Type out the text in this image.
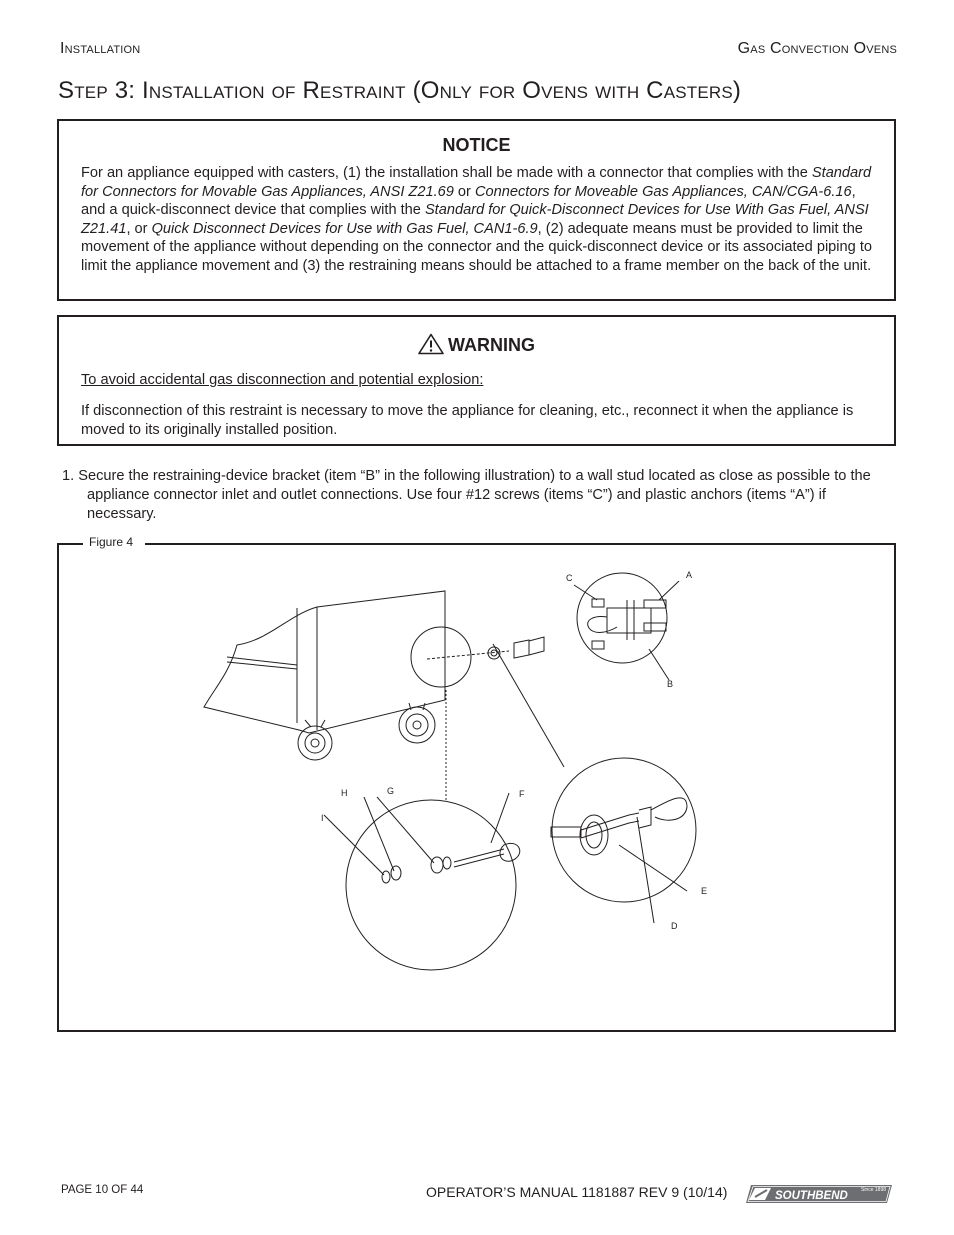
Installation	Gas Convection Ovens
Step 3: Installation of Restraint (Only for Ovens with Casters)
NOTICE

For an appliance equipped with casters, (1) the installation shall be made with a connector that complies with the Standard for Connectors for Movable Gas Appliances, ANSI Z21.69 or Connectors for Moveable Gas Appliances, CAN/CGA-6.16, and a quick-disconnect device that complies with the Standard for Quick-Disconnect Devices for Use With Gas Fuel, ANSI Z21.41, or Quick Disconnect Devices for Use with Gas Fuel, CAN1-6.9, (2) adequate means must be provided to limit the movement of the appliance without depending on the connector and the quick-disconnect device or its associated piping to limit the appliance movement and (3) the restraining means should be attached to a frame member on the back of the unit.

WARNING

To avoid accidental gas disconnection and potential explosion:

If disconnection of this restraint is necessary to move the appliance for cleaning, etc., reconnect it when the appliance is moved to its originally installed position.

1. Secure the restraining-device bracket (item “B” in the following illustration) to a wall stud located as close as possible to the appliance connector inlet and outlet connections. Use four #12 screws (items “C”) and plastic anchors (items “A”) if necessary.

Figure 4
C	A
B
H	G	F
I
E
D
PAGE 10 OF 44	OPERATOR’S MANUAL 1181887 REV 9 (10/14)	Since 1898
SOUTHBEND
